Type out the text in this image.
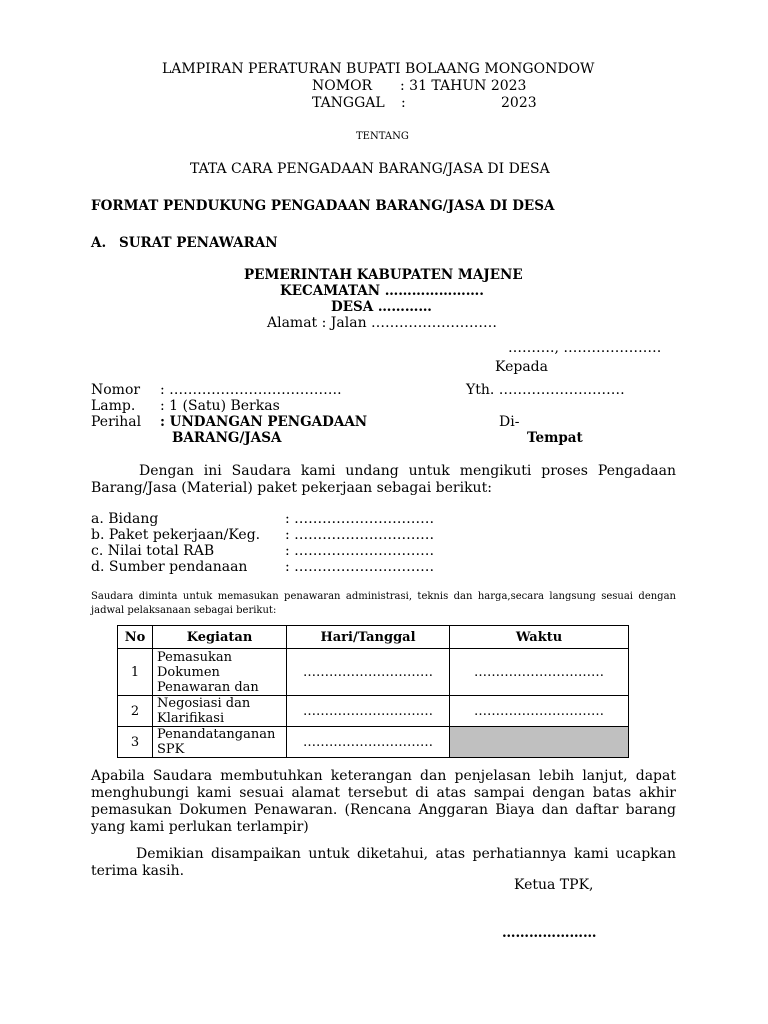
LAMPIRAN PERATURAN BUPATI BOLAANG MONGONDOW
NOMOR : 31 TAHUN 2023
TANGGAL :	2023
TENTANG
TATA CARA PENGADAAN BARANG/JASA DI DESA
FORMAT PENDUKUNG PENGADAAN BARANG/JASA DI DESA
A. SURAT PENAWARAN
PEMERINTAH KABUPATEN MAJENE
KECAMATAN ………………….
DESA …………
Alamat : Jalan ………………………
………., …………………
Kepada
Nomor : ……………………………….
Lamp. : 1 (Satu) Berkas
Perihal : UNDANGAN PENGADAAN
BARANG/JASA
Yth. ………………………
Di-
Tempat
Dengan ini Saudara kami undang untuk mengikuti proses Pengadaan Barang/Jasa (Material) paket pekerjaan sebagai berikut:
a. Bidang	: …………………………
b. Paket pekerjaan/Keg. : …………………………
c. Nilai total RAB	: …………………………
d. Sumber pendanaan	: …………………………
Saudara diminta untuk memasukan penawaran administrasi, teknis dan harga,secara langsung sesuai dengan jadwal pelaksanaan sebagai berikut:
No	Kegiatan	Hari/Tanggal	Waktu
1	Pemasukan Dokumen Penawaran dan	…………………………	…………………………
2	Negosiasi dan Klarifikasi	…………………………	…………………………
3	Penandatanganan SPK	…………………………	
Apabila Saudara membutuhkan keterangan dan penjelasan lebih lanjut, dapat menghubungi kami sesuai alamat tersebut di atas sampai dengan batas akhir pemasukan Dokumen Penawaran. (Rencana Anggaran Biaya dan daftar barang yang kami perlukan terlampir)
Demikian disampaikan untuk diketahui, atas perhatiannya kami ucapkan terima kasih.
Ketua TPK,
…………………
